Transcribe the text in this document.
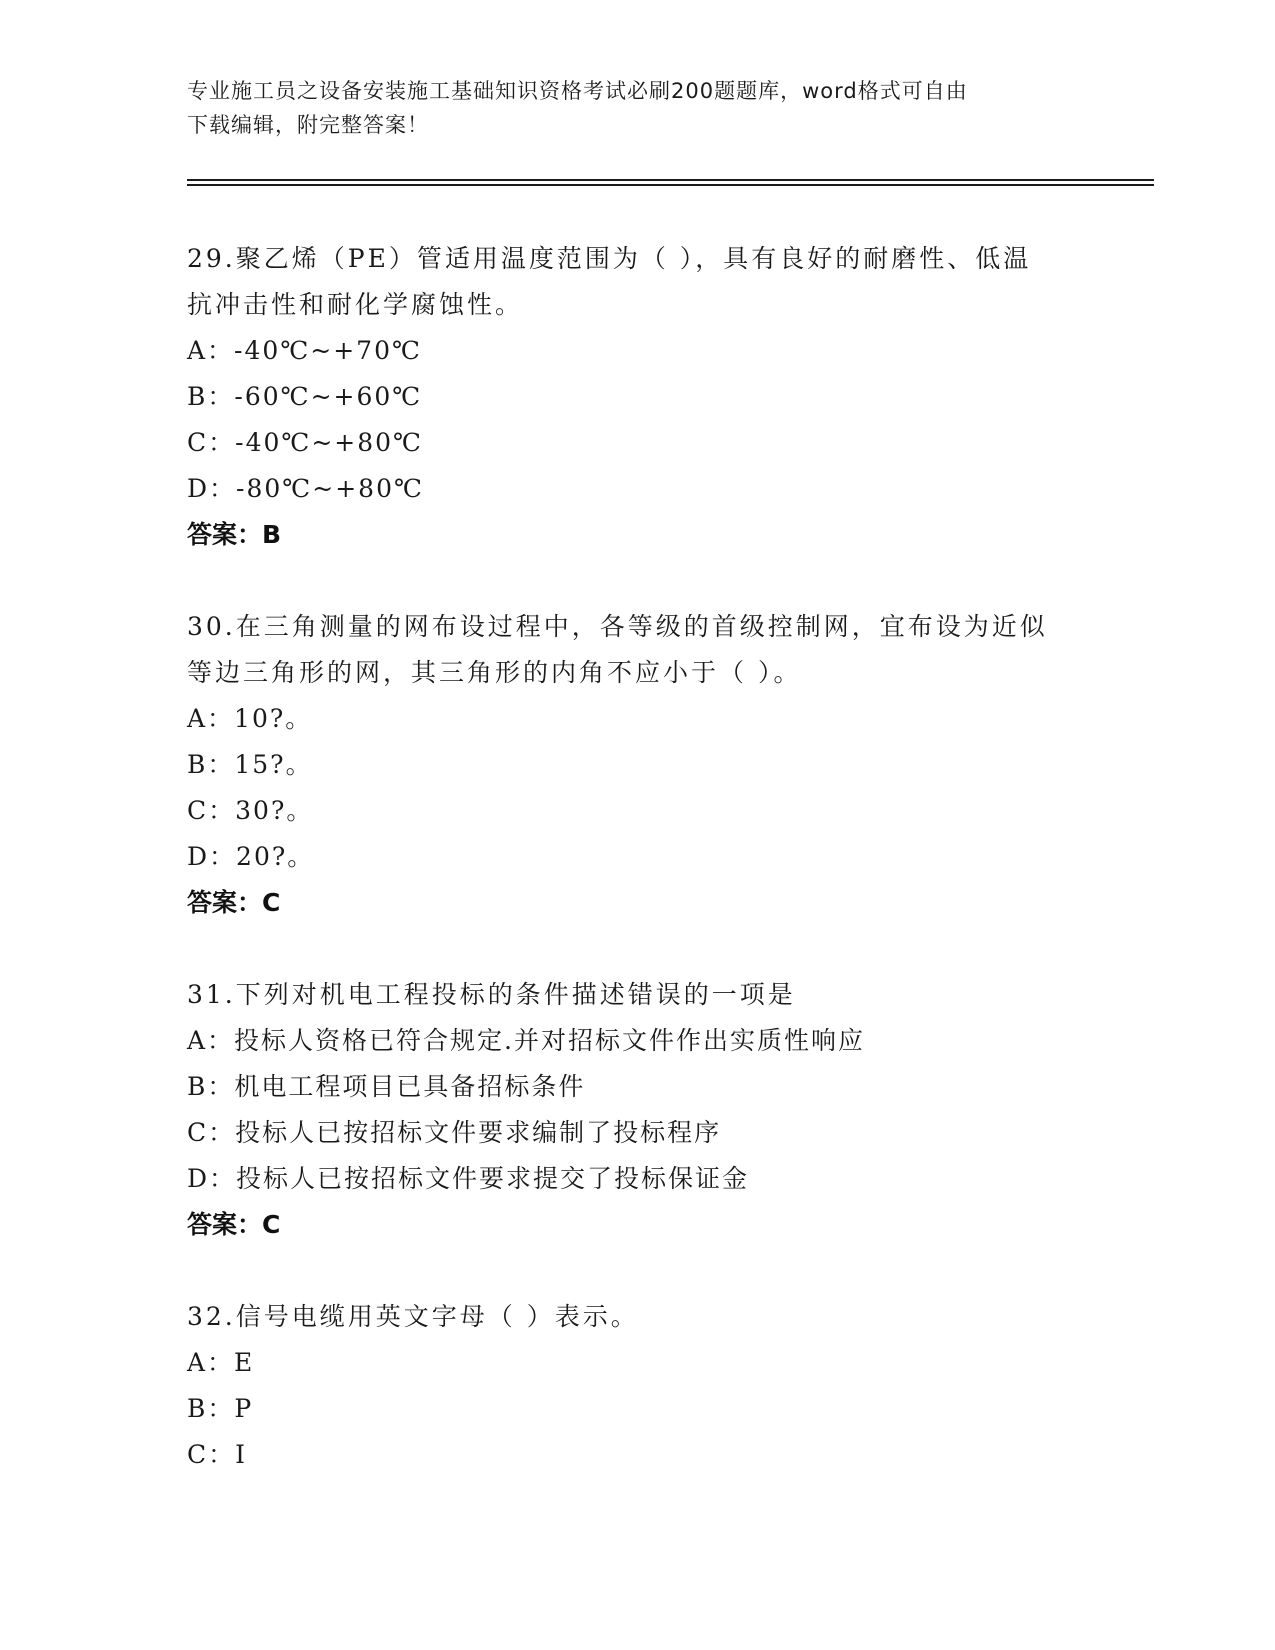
专业施工员之设备安装施工基础知识资格考试必刷200题题库，word格式可自由
下载编辑，附完整答案！
29.聚乙烯（PE）管适用温度范围为（ ），具有良好的耐磨性、低温
抗冲击性和耐化学腐蚀性。
A：-40℃~+70℃
B：-60℃~+60℃
C：-40℃~+80℃
D：-80℃~+80℃
答案：B
30.在三角测量的网布设过程中，各等级的首级控制网，宜布设为近似
等边三角形的网，其三角形的内角不应小于（ ）。
A：10?。
B：15?。
C：30?。
D：20?。
答案：C
31.下列对机电工程投标的条件描述错误的一项是
A：投标人资格已符合规定.并对招标文件作出实质性响应
B：机电工程项目已具备招标条件
C：投标人已按招标文件要求编制了投标程序
D：投标人已按招标文件要求提交了投标保证金
答案：C
32.信号电缆用英文字母（ ）表示。
A：E
B：P
C：I
